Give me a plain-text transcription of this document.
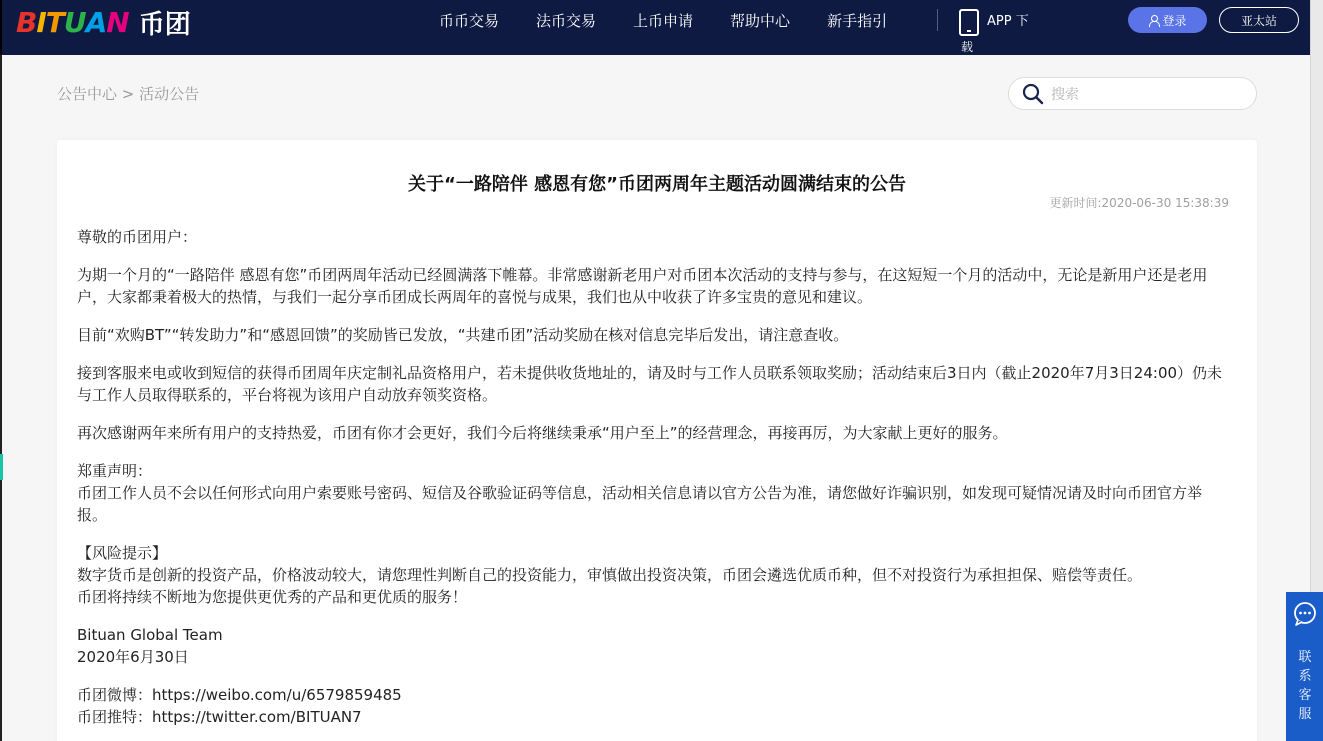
BITUAN 币团	币币交易 法币交易 上币申请 帮助中心 新手指引	APP 下
载
登录	亚太站
公告中心 > 活动公告
搜索
关于“一路陪伴 感恩有您”币团两周年主题活动圆满结束的公告
更新时间:2020-06-30 15:38:39

尊敬的币团用户：

为期一个月的“一路陪伴 感恩有您”币团两周年活动已经圆满落下帷幕。非常感谢新老用户对币团本次活动的支持与参与，在这短短一个月的活动中，无论是新用户还是老用户，大家都秉着极大的热情，与我们一起分享币团成长两周年的喜悦与成果，我们也从中收获了许多宝贵的意见和建议。

目前“欢购BT”“转发助力”和“感恩回馈”的奖励皆已发放，“共建币团”活动奖励在核对信息完毕后发出，请注意查收。

接到客服来电或收到短信的获得币团周年庆定制礼品资格用户，若未提供收货地址的，请及时与工作人员联系领取奖励；活动结束后3日内（截止2020年7月3日24:00）仍未与工作人员取得联系的，平台将视为该用户自动放弃领奖资格。

再次感谢两年来所有用户的支持热爱，币团有你才会更好，我们今后将继续秉承“用户至上”的经营理念，再接再厉，为大家献上更好的服务。

郑重声明：

币团工作人员不会以任何形式向用户索要账号密码、短信及谷歌验证码等信息，活动相关信息请以官方公告为准，请您做好诈骗识别，如发现可疑情况请及时向币团官方举报。

【风险提示】

数字货币是创新的投资产品，价格波动较大，请您理性判断自己的投资能力，审慎做出投资决策，币团会遴选优质币种，但不对投资行为承担担保、赔偿等责任。

币团将持续不断地为您提供更优秀的产品和更优质的服务！

Bituan Global Team

2020年6月30日

币团微博：https://weibo.com/u/6579859485

币团推特：https://twitter.com/BITUAN7

联系客服
